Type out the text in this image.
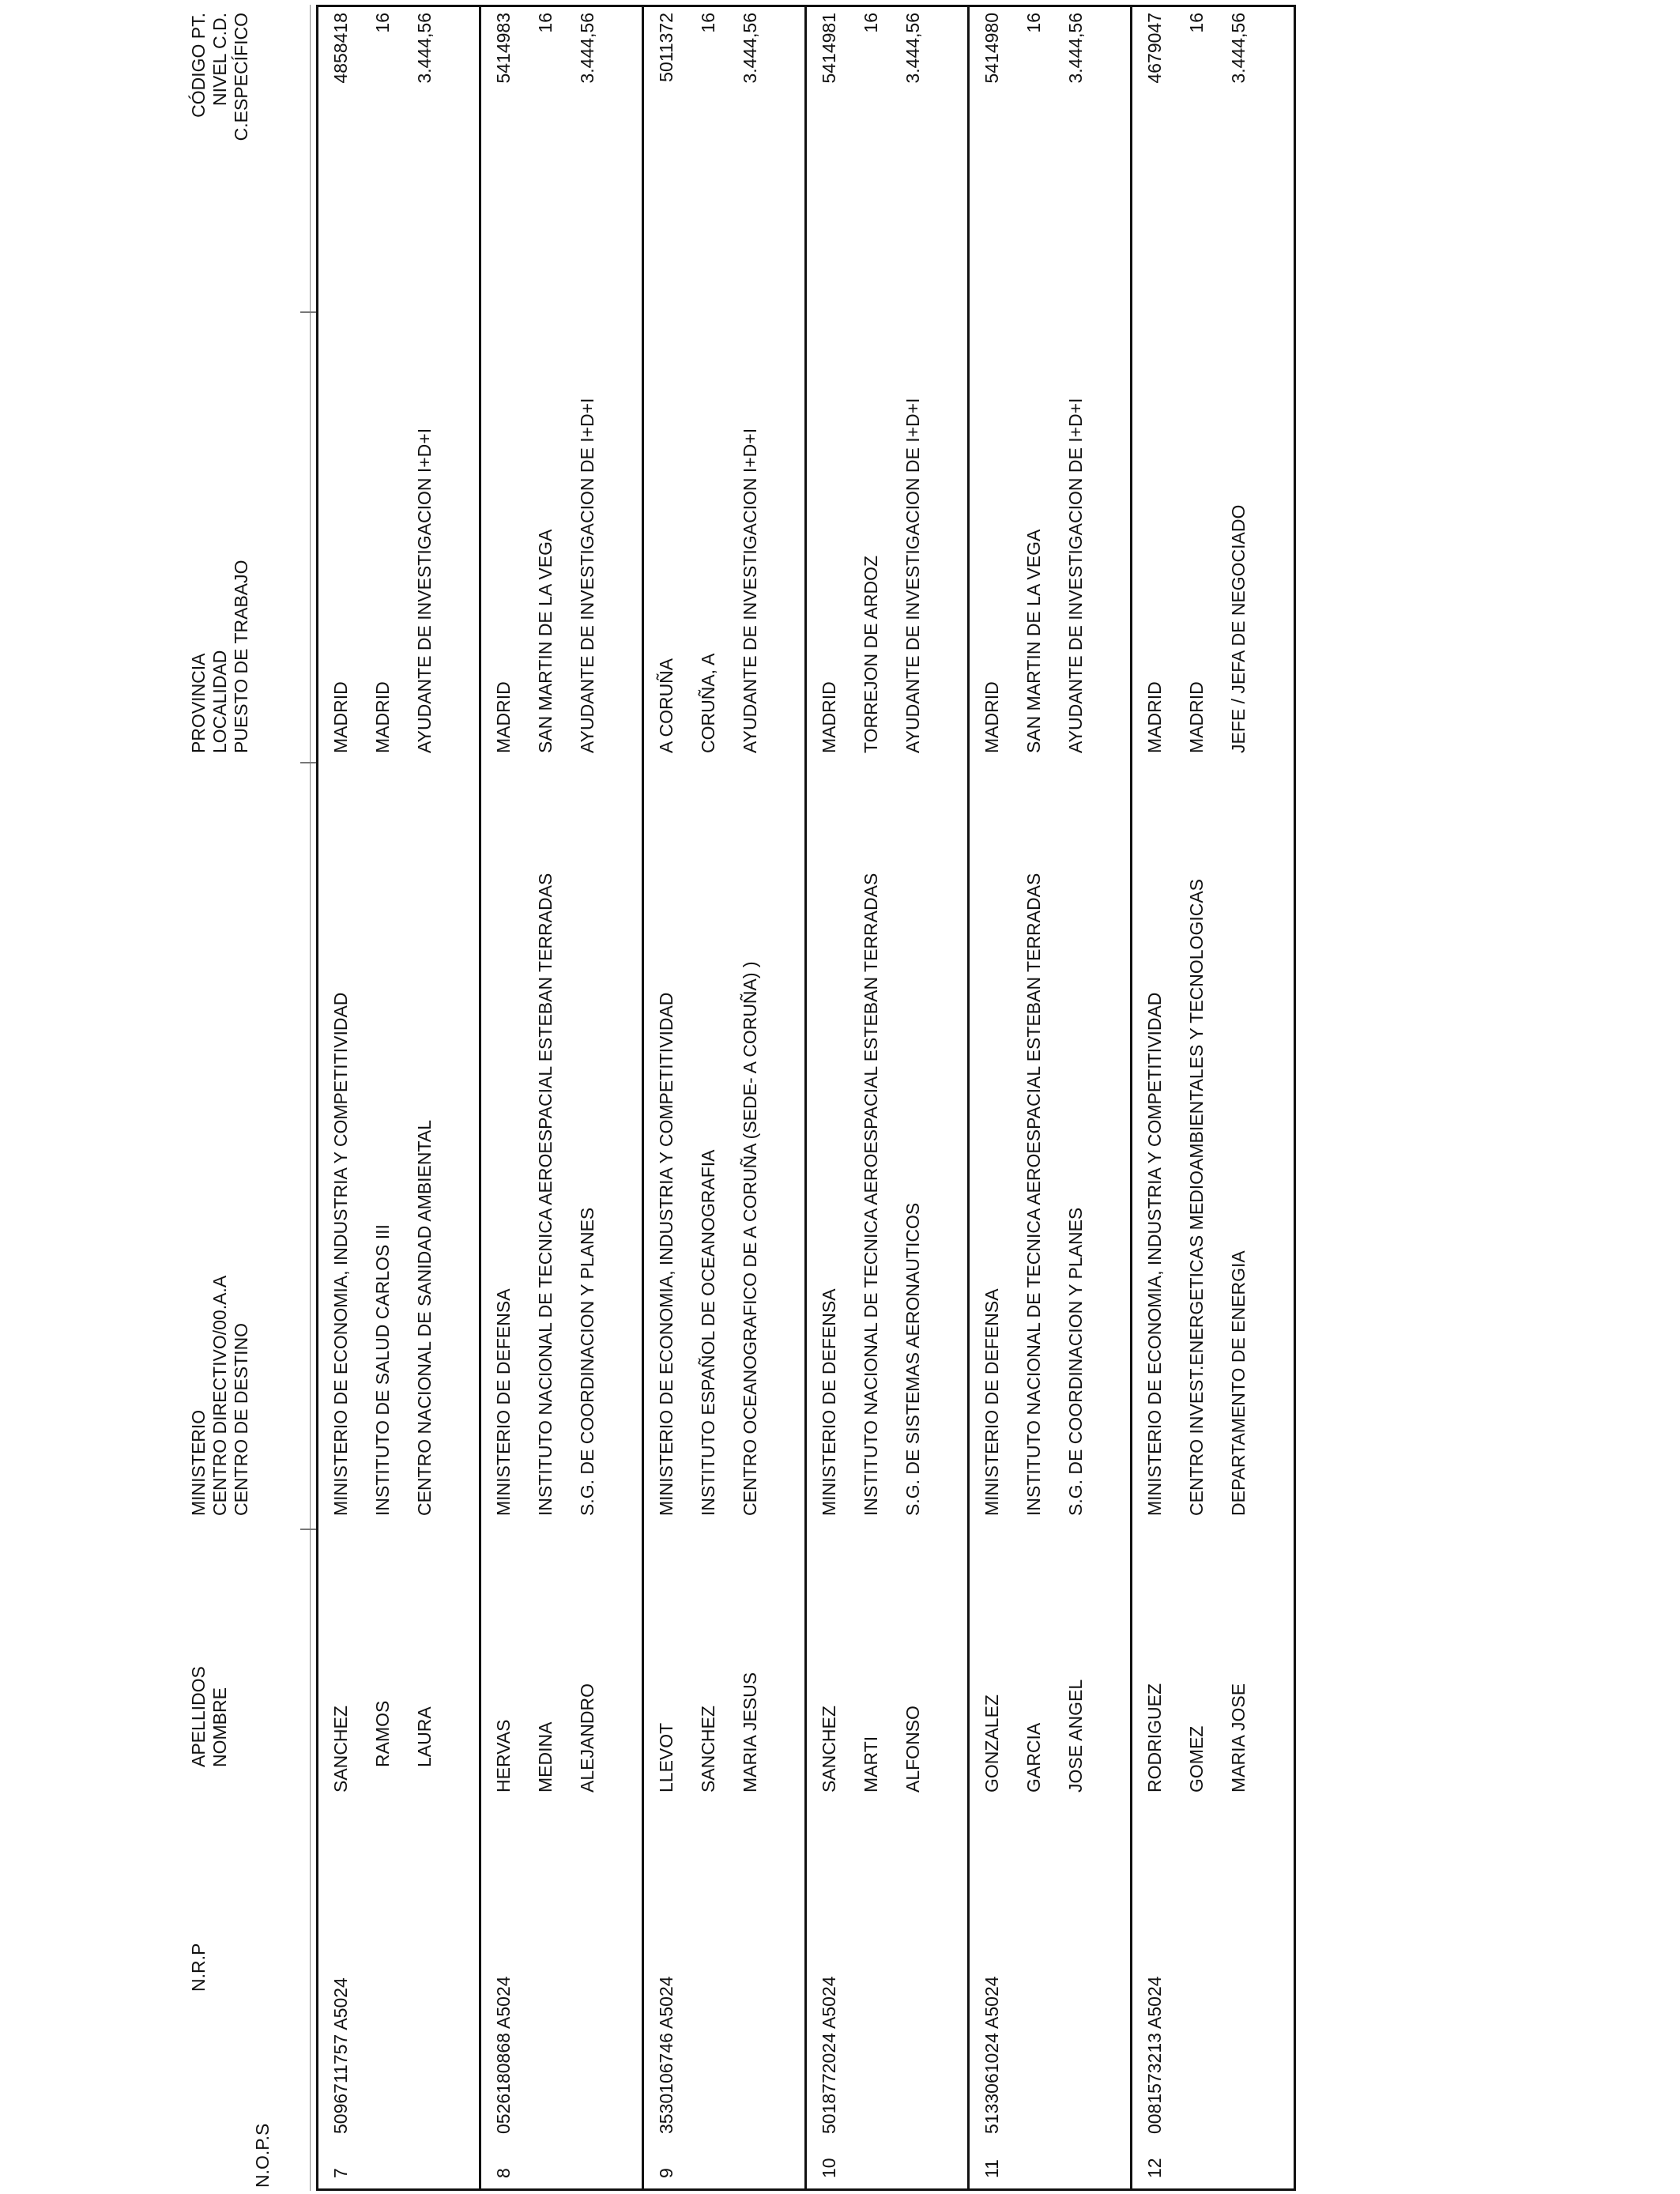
N.O.P.S
N.R.P
APELLIDOS NOMBRE
MINISTERIO CENTRO DIRECTIVO/00.A.A CENTRO DE DESTINO
PROVINCIA LOCALIDAD PUESTO DE TRABAJO
CÓDIGO PT. NIVEL C.D. C.ESPECÍFICO
7
5096711757 A5024
SANCHEZ RAMOS LAURA
MINISTERIO DE ECONOMIA, INDUSTRIA Y COMPETITIVIDAD INSTITUTO DE SALUD CARLOS III CENTRO NACIONAL DE SANIDAD AMBIENTAL
MADRID MADRID AYUDANTE DE INVESTIGACION I+D+I
4858418 16 3.444,56
8
0526180868 A5024
HERVAS MEDINA ALEJANDRO
MINISTERIO DE DEFENSA INSTITUTO NACIONAL DE TECNICA AEROESPACIAL ESTEBAN TERRADAS S.G. DE COORDINACION Y PLANES
MADRID SAN MARTIN DE LA VEGA AYUDANTE DE INVESTIGACION DE I+D+I
5414983 16 3.444,56
9
3530106746 A5024
LLEVOT SANCHEZ MARIA JESUS
MINISTERIO DE ECONOMIA, INDUSTRIA Y COMPETITIVIDAD INSTITUTO ESPAÑOL DE OCEANOGRAFIA CENTRO OCEANOGRAFICO DE A CORUÑA (SEDE- A CORUÑA) )
A CORUÑA CORUÑA, A AYUDANTE DE INVESTIGACION I+D+I
5011372 16 3.444,56
10
5018772024 A5024
SANCHEZ MARTI ALFONSO
MINISTERIO DE DEFENSA INSTITUTO NACIONAL DE TECNICA AEROESPACIAL ESTEBAN TERRADAS S.G. DE SISTEMAS AERONAUTICOS
MADRID TORREJON DE ARDOZ AYUDANTE DE INVESTIGACION DE I+D+I
5414981 16 3.444,56
11
5133061024 A5024
GONZALEZ GARCIA JOSE ANGEL
MINISTERIO DE DEFENSA INSTITUTO NACIONAL DE TECNICA AEROESPACIAL ESTEBAN TERRADAS S.G. DE COORDINACION Y PLANES
MADRID SAN MARTIN DE LA VEGA AYUDANTE DE INVESTIGACION DE I+D+I
5414980 16 3.444,56
12
0081573213 A5024
RODRIGUEZ GOMEZ MARIA JOSE
MINISTERIO DE ECONOMIA, INDUSTRIA Y COMPETITIVIDAD CENTRO INVEST.ENERGETICAS MEDIOAMBIENTALES Y TECNOLOGICAS DEPARTAMENTO DE ENERGIA
MADRID MADRID JEFE / JEFA DE NEGOCIADO
4679047 16 3.444,56
